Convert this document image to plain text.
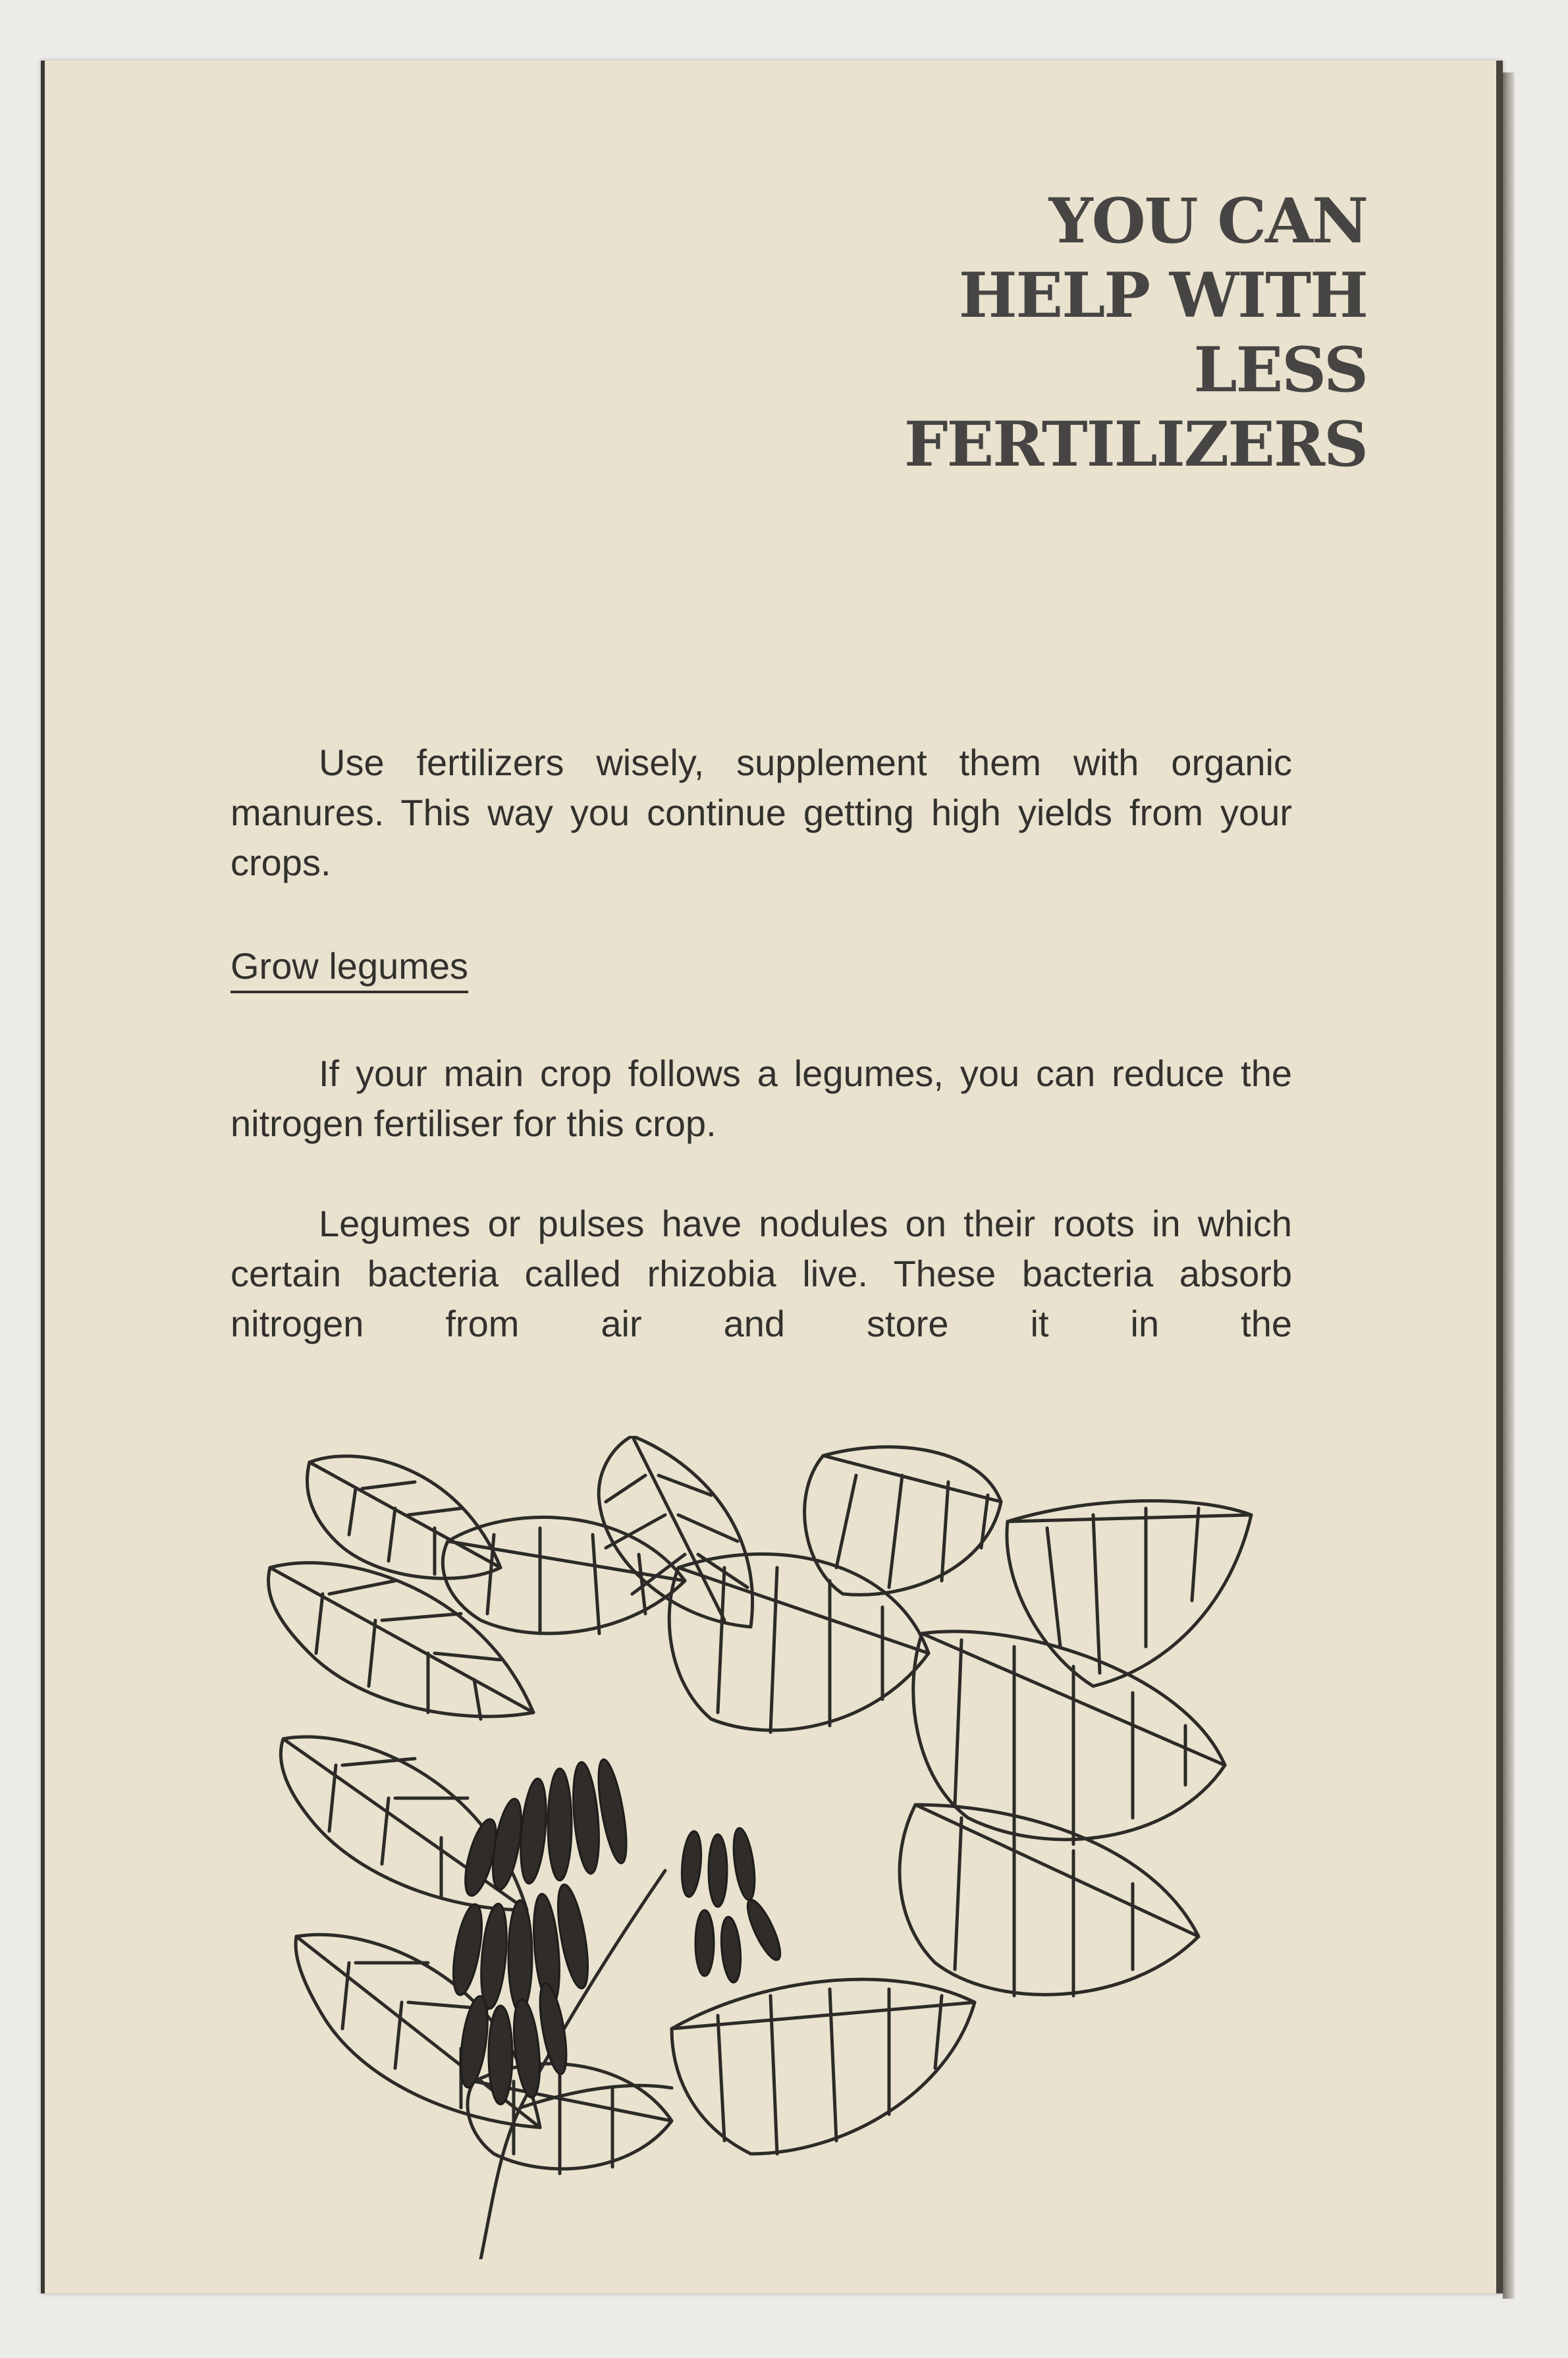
YOU CAN
HELP WITH
LESS
FERTILIZERS
Use fertilizers wisely, supplement them with organic manures. This way you continue getting high yields from your crops.
Grow legumes
If your main crop follows a legumes, you can reduce the nitrogen fertiliser for this crop.
Legumes or pulses have nodules on their roots in which certain bacteria called rhizobia live. These bacteria absorb nitrogen from air and store it in the
